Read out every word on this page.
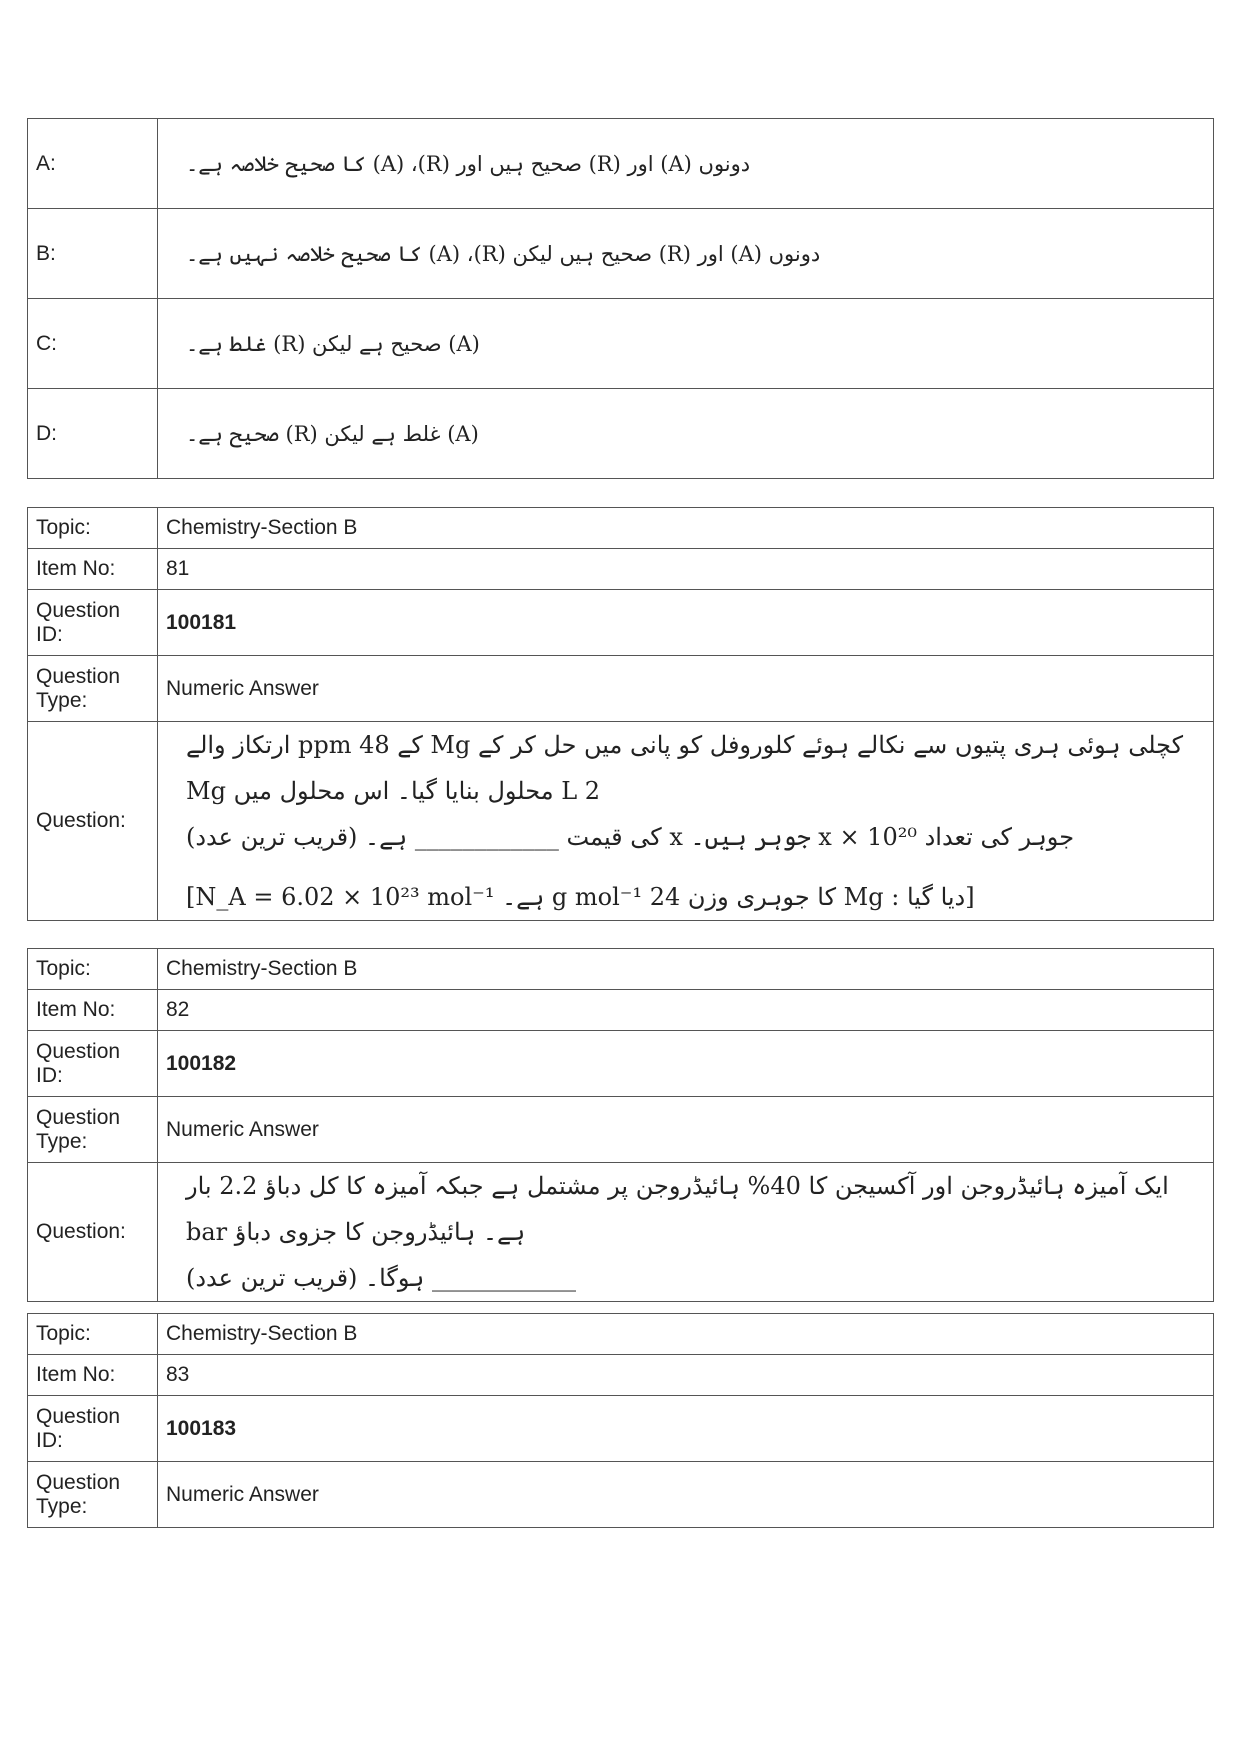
A:	دونوں (A) اور (R) صحیح ہیں اور (R)، (A) کا صحیح خلاصہ ہے۔

B:	دونوں (A) اور (R) صحیح ہیں لیکن (R)، (A) کا صحیح خلاصہ نہیں ہے۔

C:	(A) صحیح ہے لیکن (R) غلط ہے۔

D:	(A) غلط ہے لیکن (R) صحیح ہے۔
Topic:	Chemistry-Section B
Item No:	81
Question ID:	100181
Question Type:	Numeric Answer
Question:	کچلی ہوئی ہری پتیوں سے نکالے ہوئے کلوروفل کو پانی میں حل کر کے Mg کے 48 ppm ارتکاز والے 2 L محلول بنایا گیا۔ اس محلول میں Mg
جوہر کی تعداد x × 10²⁰ جوہر ہیں۔ x کی قیمت ____________ ہے۔ (قریب ترین عدد)
[دیا گیا : Mg کا جوہری وزن 24 g mol⁻¹ ہے۔ N_A = 6.02 × 10²³ mol⁻¹]
Topic:	Chemistry-Section B
Item No:	82
Question ID:	100182
Question Type:	Numeric Answer
Question:	ایک آمیزہ ہائیڈروجن اور آکسیجن کا 40% ہائیڈروجن پر مشتمل ہے جبکہ آمیزہ کا کل دباؤ 2.2 بار ہے۔ ہائیڈروجن کا جزوی دباؤ bar
____________ ہوگا۔ (قریب ترین عدد)
Topic:	Chemistry-Section B
Item No:	83
Question ID:	100183
Question Type:	Numeric Answer
